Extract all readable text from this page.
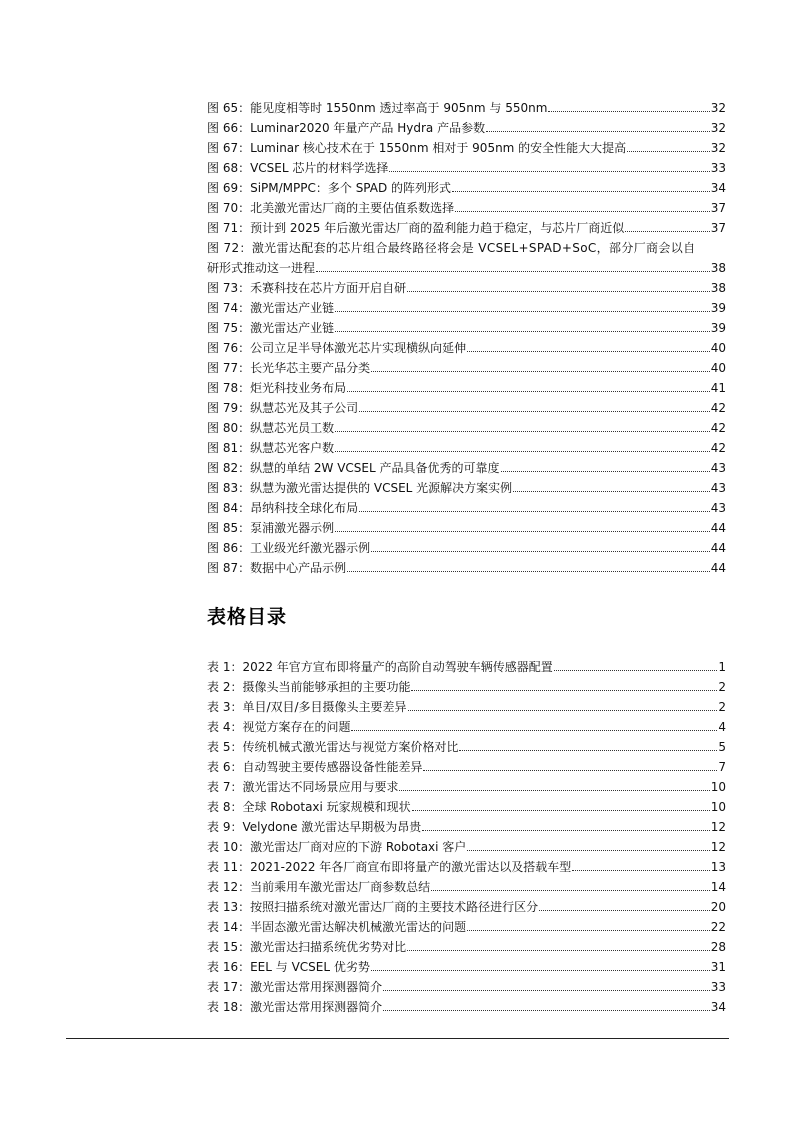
图 65：能见度相等时 1550nm 透过率高于 905nm 与 550nm	32
图 66：Luminar2020 年量产产品 Hydra 产品参数	32
图 67：Luminar 核心技术在于 1550nm 相对于 905nm 的安全性能大大提高	32
图 68：VCSEL 芯片的材料学选择	33
图 69：SiPM/MPPC：多个 SPAD 的阵列形式	34
图 70：北美激光雷达厂商的主要估值系数选择	37
图 71：预计到 2025 年后激光雷达厂商的盈利能力趋于稳定，与芯片厂商近似	37
图 72：激光雷达配套的芯片组合最终路径将会是 VCSEL+SPAD+SoC，部分厂商会以自
研形式推动这一进程	38
图 73：禾赛科技在芯片方面开启自研	38
图 74：激光雷达产业链	39
图 75：激光雷达产业链	39
图 76：公司立足半导体激光芯片实现横纵向延伸	40
图 77：长光华芯主要产品分类	40
图 78：炬光科技业务布局	41
图 79：纵慧芯光及其子公司	42
图 80：纵慧芯光员工数	42
图 81：纵慧芯光客户数	42
图 82：纵慧的单结 2W VCSEL 产品具备优秀的可靠度	43
图 83：纵慧为激光雷达提供的 VCSEL 光源解决方案实例	43
图 84：昂纳科技全球化布局	43
图 85：泵浦激光器示例	44
图 86：工业级光纤激光器示例	44
图 87：数据中心产品示例	44
表格目录
表 1：2022 年官方宣布即将量产的高阶自动驾驶车辆传感器配置	1
表 2：摄像头当前能够承担的主要功能	2
表 3：单目/双目/多目摄像头主要差异	2
表 4：视觉方案存在的问题	4
表 5：传统机械式激光雷达与视觉方案价格对比	5
表 6：自动驾驶主要传感器设备性能差异	7
表 7：激光雷达不同场景应用与要求	10
表 8：全球 Robotaxi 玩家规模和现状	10
表 9：Velydone 激光雷达早期极为昂贵	12
表 10：激光雷达厂商对应的下游 Robotaxi 客户	12
表 11：2021-2022 年各厂商宣布即将量产的激光雷达以及搭载车型	13
表 12：当前乘用车激光雷达厂商参数总结	14
表 13：按照扫描系统对激光雷达厂商的主要技术路径进行区分	20
表 14：半固态激光雷达解决机械激光雷达的问题	22
表 15：激光雷达扫描系统优劣势对比	28
表 16：EEL 与 VCSEL 优劣势	31
表 17：激光雷达常用探测器简介	33
表 18：激光雷达常用探测器简介	34
